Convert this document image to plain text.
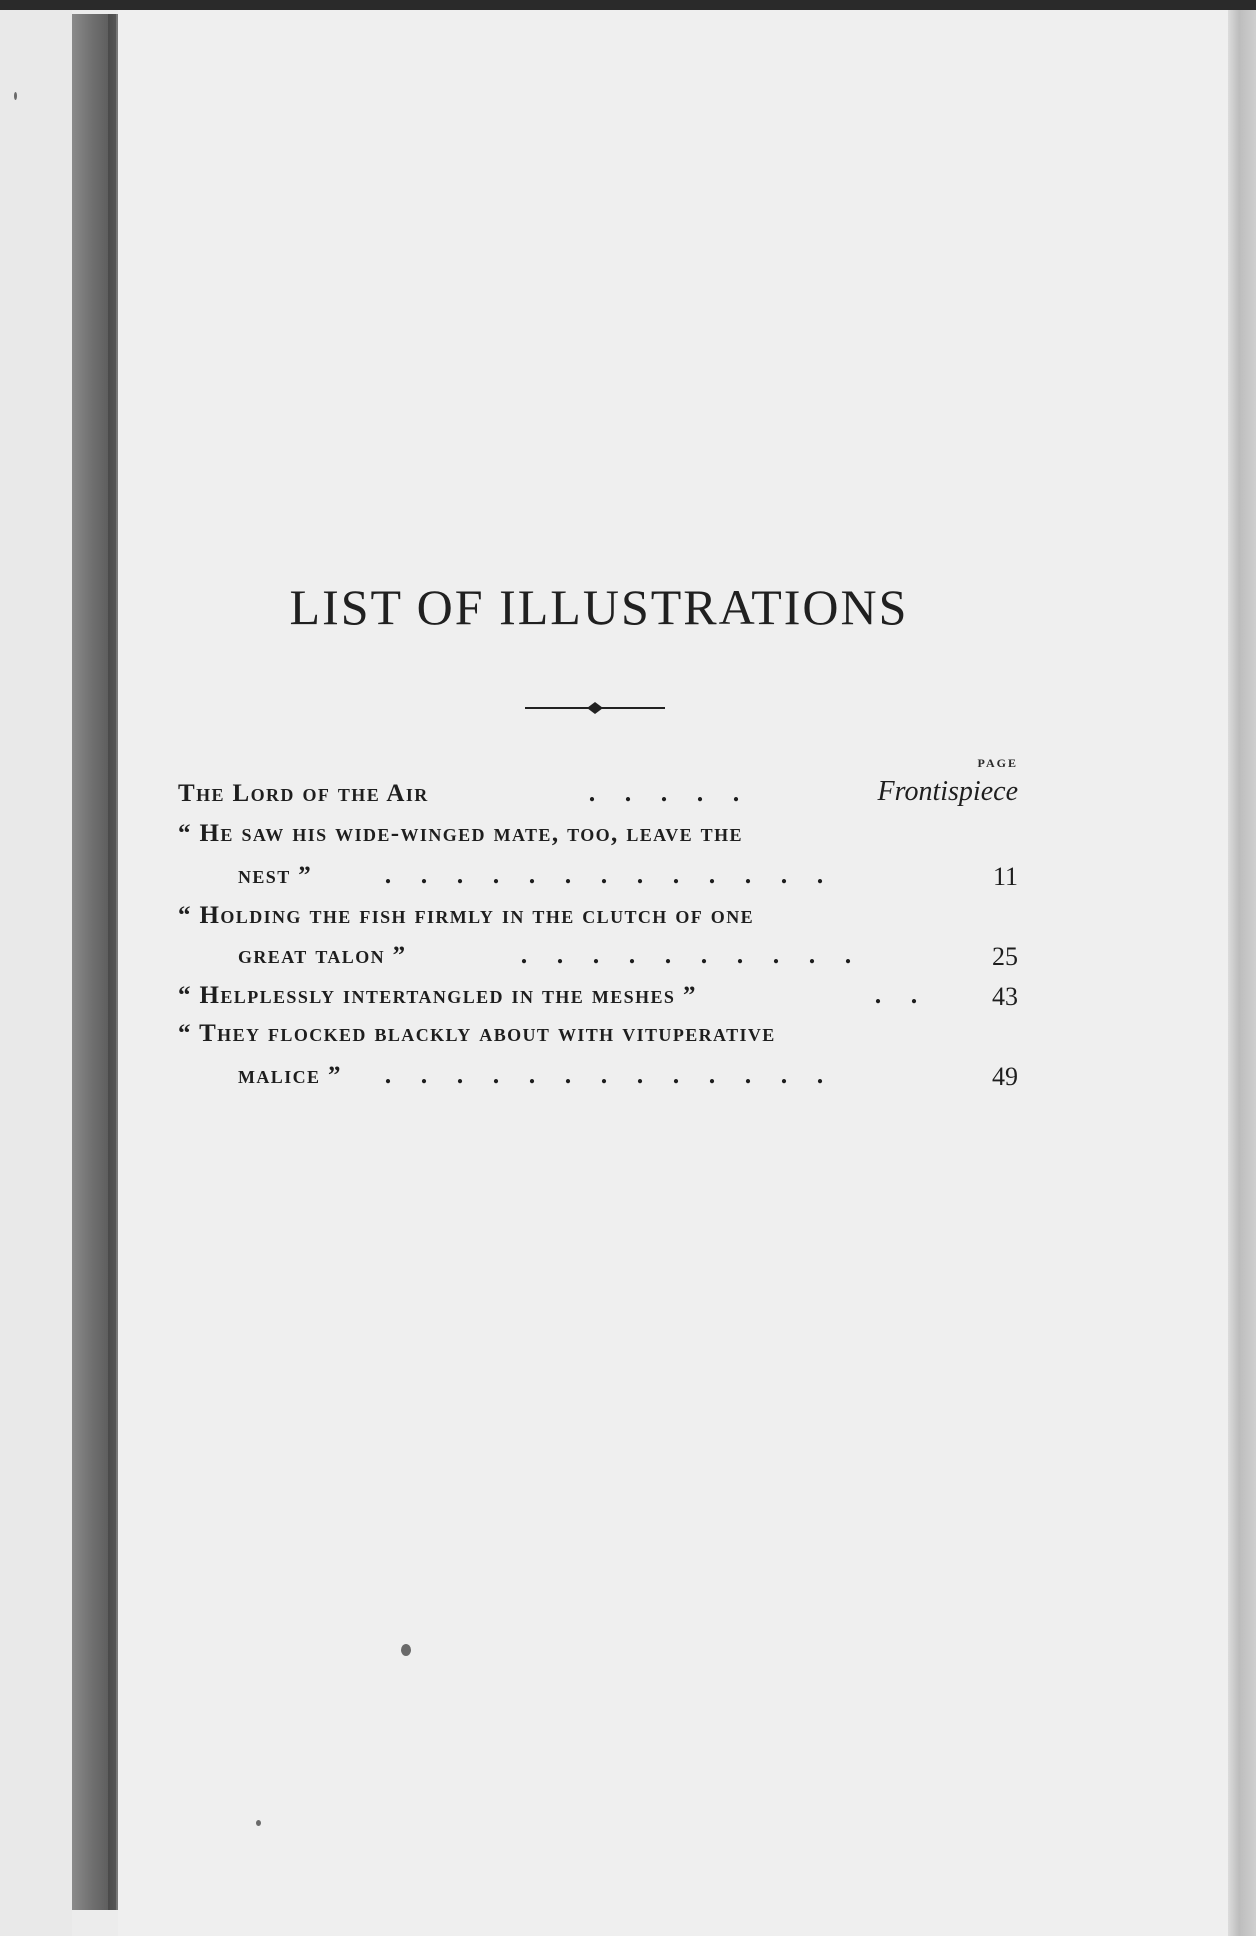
LIST OF ILLUSTRATIONS
PAGE
The Lord of the Air	. . . . .	Frontispiece
“ He saw his wide-winged mate, too, leave the
nest ”	. . . . . . . . . . . . .	11
“ Holding the fish firmly in the clutch of one
great talon ”	. . . . . . . . . .	25
“ Helplessly intertangled in the meshes ”	. .	43
“ They flocked blackly about with vituperative
malice ”	. . . . . . . . . . . . .	49
